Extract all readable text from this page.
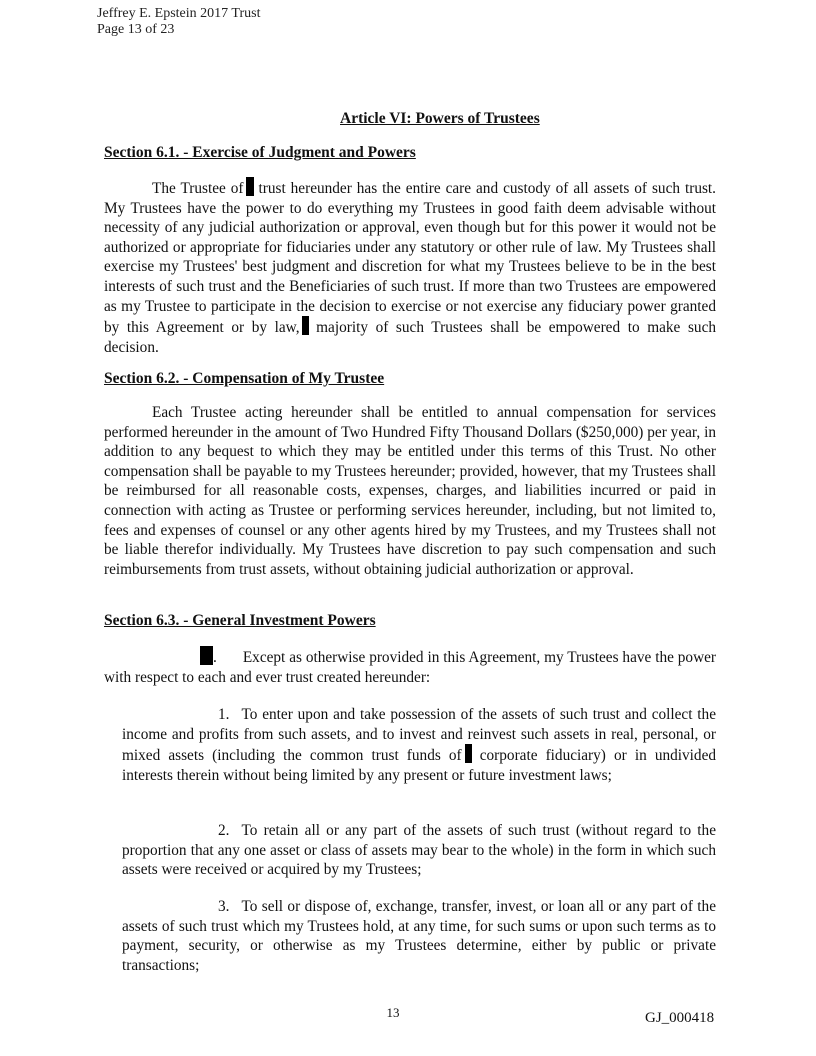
Jeffrey E. Epstein 2017 Trust
Page 13 of 23
Article VI: Powers of Trustees
Section 6.1. - Exercise of Judgment and Powers
The Trustee of trust hereunder has the entire care and custody of all assets of such trust. My Trustees have the power to do everything my Trustees in good faith deem advisable without necessity of any judicial authorization or approval, even though but for this power it would not be authorized or appropriate for fiduciaries under any statutory or other rule of law. My Trustees shall exercise my Trustees' best judgment and discretion for what my Trustees believe to be in the best interests of such trust and the Beneficiaries of such trust. If more than two Trustees are empowered as my Trustee to participate in the decision to exercise or not exercise any fiduciary power granted by this Agreement or by law, majority of such Trustees shall be empowered to make such decision.
Section 6.2. - Compensation of My Trustee
Each Trustee acting hereunder shall be entitled to annual compensation for services performed hereunder in the amount of Two Hundred Fifty Thousand Dollars ($250,000) per year, in addition to any bequest to which they may be entitled under this terms of this Trust. No other compensation shall be payable to my Trustees hereunder; provided, however, that my Trustees shall be reimbursed for all reasonable costs, expenses, charges, and liabilities incurred or paid in connection with acting as Trustee or performing services hereunder, including, but not limited to, fees and expenses of counsel or any other agents hired by my Trustees, and my Trustees shall not be liable therefor individually. My Trustees have discretion to pay such compensation and such reimbursements from trust assets, without obtaining judicial authorization or approval.
Section 6.3. - General Investment Powers
. Except as otherwise provided in this Agreement, my Trustees have the power with respect to each and ever trust created hereunder:
1. To enter upon and take possession of the assets of such trust and collect the income and profits from such assets, and to invest and reinvest such assets in real, personal, or mixed assets (including the common trust funds of corporate fiduciary) or in undivided interests therein without being limited by any present or future investment laws;
2. To retain all or any part of the assets of such trust (without regard to the proportion that any one asset or class of assets may bear to the whole) in the form in which such assets were received or acquired by my Trustees;
3. To sell or dispose of, exchange, transfer, invest, or loan all or any part of the assets of such trust which my Trustees hold, at any time, for such sums or upon such terms as to payment, security, or otherwise as my Trustees determine, either by public or private transactions;
13	GJ_000418
